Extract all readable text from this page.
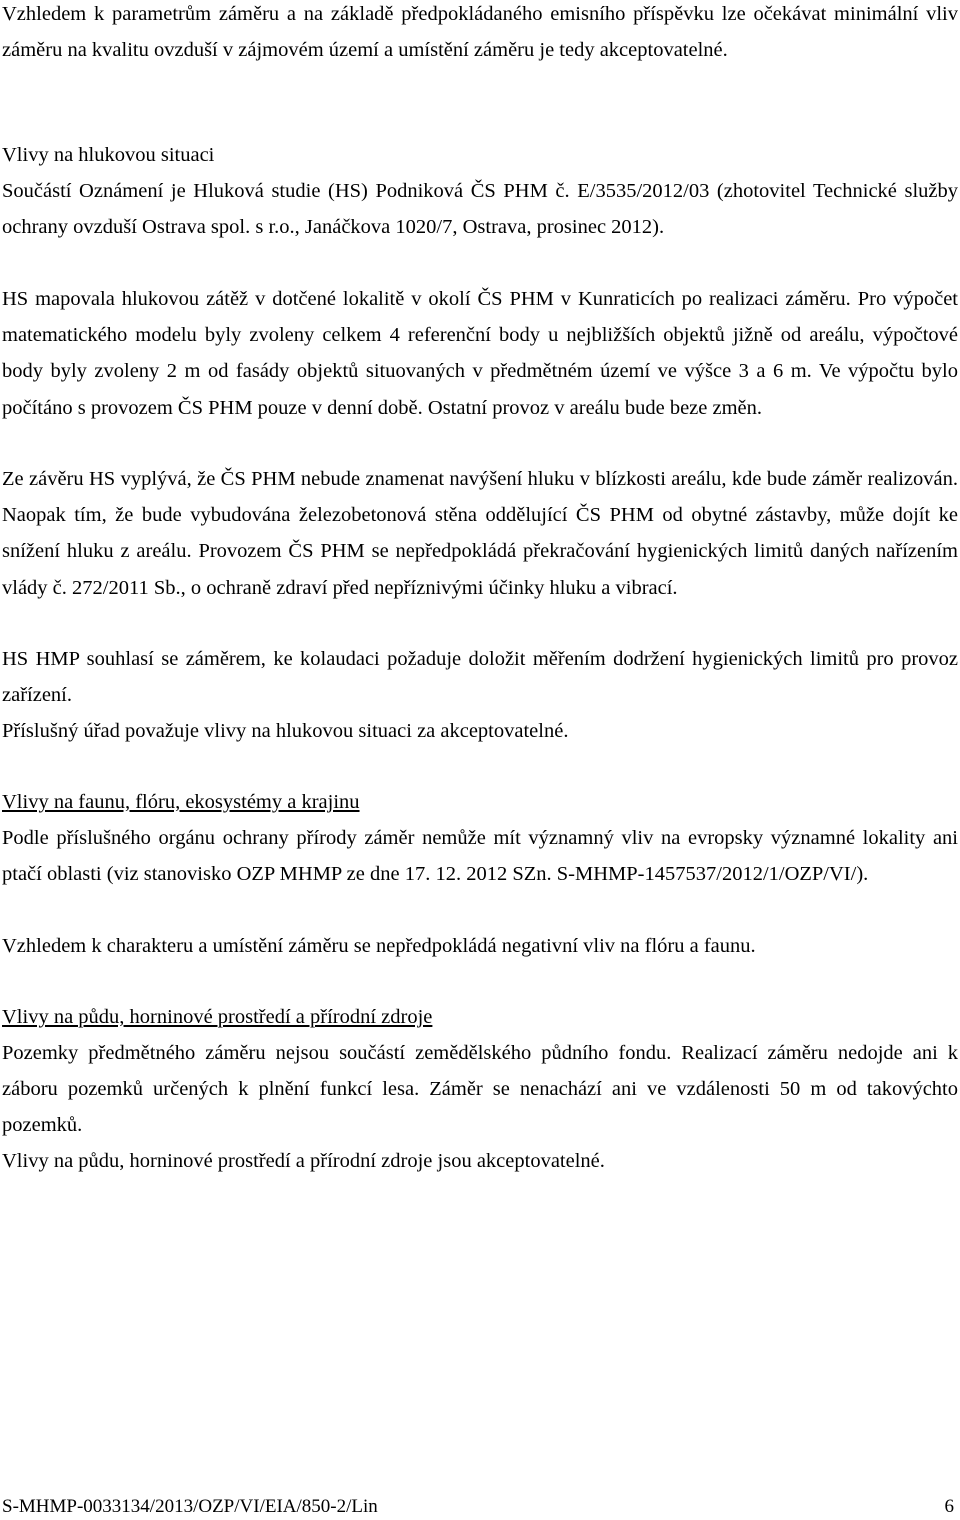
Vzhledem k parametrům záměru a na základě předpokládaného emisního příspěvku lze očekávat minimální vliv záměru na kvalitu ovzduší v zájmovém území a umístění záměru je tedy akceptovatelné.

Vlivy na hlukovou situaci

Součástí Oznámení je Hluková studie (HS) Podniková ČS PHM č. E/3535/2012/03 (zhotovitel Technické služby ochrany ovzduší Ostrava spol. s r.o., Janáčkova 1020/7, Ostrava, prosinec 2012).

HS mapovala hlukovou zátěž v dotčené lokalitě v okolí ČS PHM v Kunraticích po realizaci záměru. Pro výpočet matematického modelu byly zvoleny celkem 4 referenční body u nejbližších objektů jižně od areálu, výpočtové body byly zvoleny 2 m od fasády objektů situovaných v předmětném území ve výšce 3 a 6 m. Ve výpočtu bylo počítáno s provozem ČS PHM pouze v denní době. Ostatní provoz v areálu bude beze změn.

Ze závěru HS vyplývá, že ČS PHM nebude znamenat navýšení hluku v blízkosti areálu, kde bude záměr realizován. Naopak tím, že bude vybudována železobetonová stěna oddělující ČS PHM od obytné zástavby, může dojít ke snížení hluku z areálu. Provozem ČS PHM se nepředpokládá překračování hygienických limitů daných nařízením vlády č. 272/2011 Sb., o ochraně zdraví před nepříznivými účinky hluku a vibrací.

HS HMP souhlasí se záměrem, ke kolaudaci požaduje doložit měřením dodržení hygienických limitů pro provoz zařízení.

Příslušný úřad považuje vlivy na hlukovou situaci za akceptovatelné.

Vlivy na faunu, flóru, ekosystémy a krajinu

Podle příslušného orgánu ochrany přírody záměr nemůže mít významný vliv na evropsky významné lokality ani ptačí oblasti (viz stanovisko OZP MHMP ze dne 17. 12. 2012 SZn. S-MHMP-1457537/2012/1/OZP/VI/).

Vzhledem k charakteru a umístění záměru se nepředpokládá negativní vliv na flóru a faunu.

Vlivy na půdu, horninové prostředí a přírodní zdroje

Pozemky předmětného záměru nejsou součástí zemědělského půdního fondu. Realizací záměru nedojde ani k záboru pozemků určených k plnění funkcí lesa. Záměr se nenachází ani ve vzdálenosti 50 m od takovýchto pozemků.

Vlivy na půdu, horninové prostředí a přírodní zdroje jsou akceptovatelné.

S-MHMP-0033134/2013/OZP/VI/EIA/850-2/Lin	6
